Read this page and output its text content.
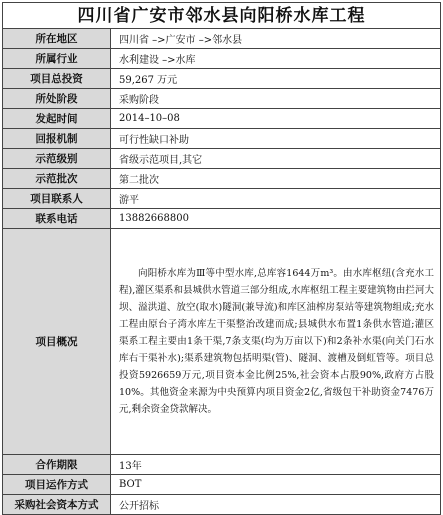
四川省广安市邻水县向阳桥水库工程
所在地区	四川省 –>广安市 –>邻水县
所属行业	水利建设 –>水库
项目总投资	59,267 万元
所处阶段	采购阶段
发起时间	2014–10–08
回报机制	可行性缺口补助
示范级别	省级示范项目,其它
示范批次	第二批次
项目联系人	游平
联系电话	13882668800
项目概况	向阳桥水库为Ⅲ等中型水库,总库容1644万m³。由水库枢纽(含充水工程),灌区渠系和县城供水管道三部分组成,水库枢纽工程主要建筑物由拦河大坝、溢洪道、放空(取水)隧洞(兼导流)和库区油榨房泵站等建筑物组成;充水工程由原台子湾水库左干渠整治改建而成;县城供水布置1条供水管道;灌区渠系工程主要由1条干渠,7条支渠(均为万亩以下)和2条补水渠(向关门石水库右干渠补水);渠系建筑物包括明渠(管)、隧洞、渡槽及倒虹管等。项目总投资5926659万元,项目资本金比例25%,社会资本占股90%,政府方占股10%。其他资金来源为中央预算内项目资金2亿,省级包干补助资金7476万元,剩余资金贷款解决。
合作期限	13年
项目运作方式	BOT
采购社会资本方式	公开招标
